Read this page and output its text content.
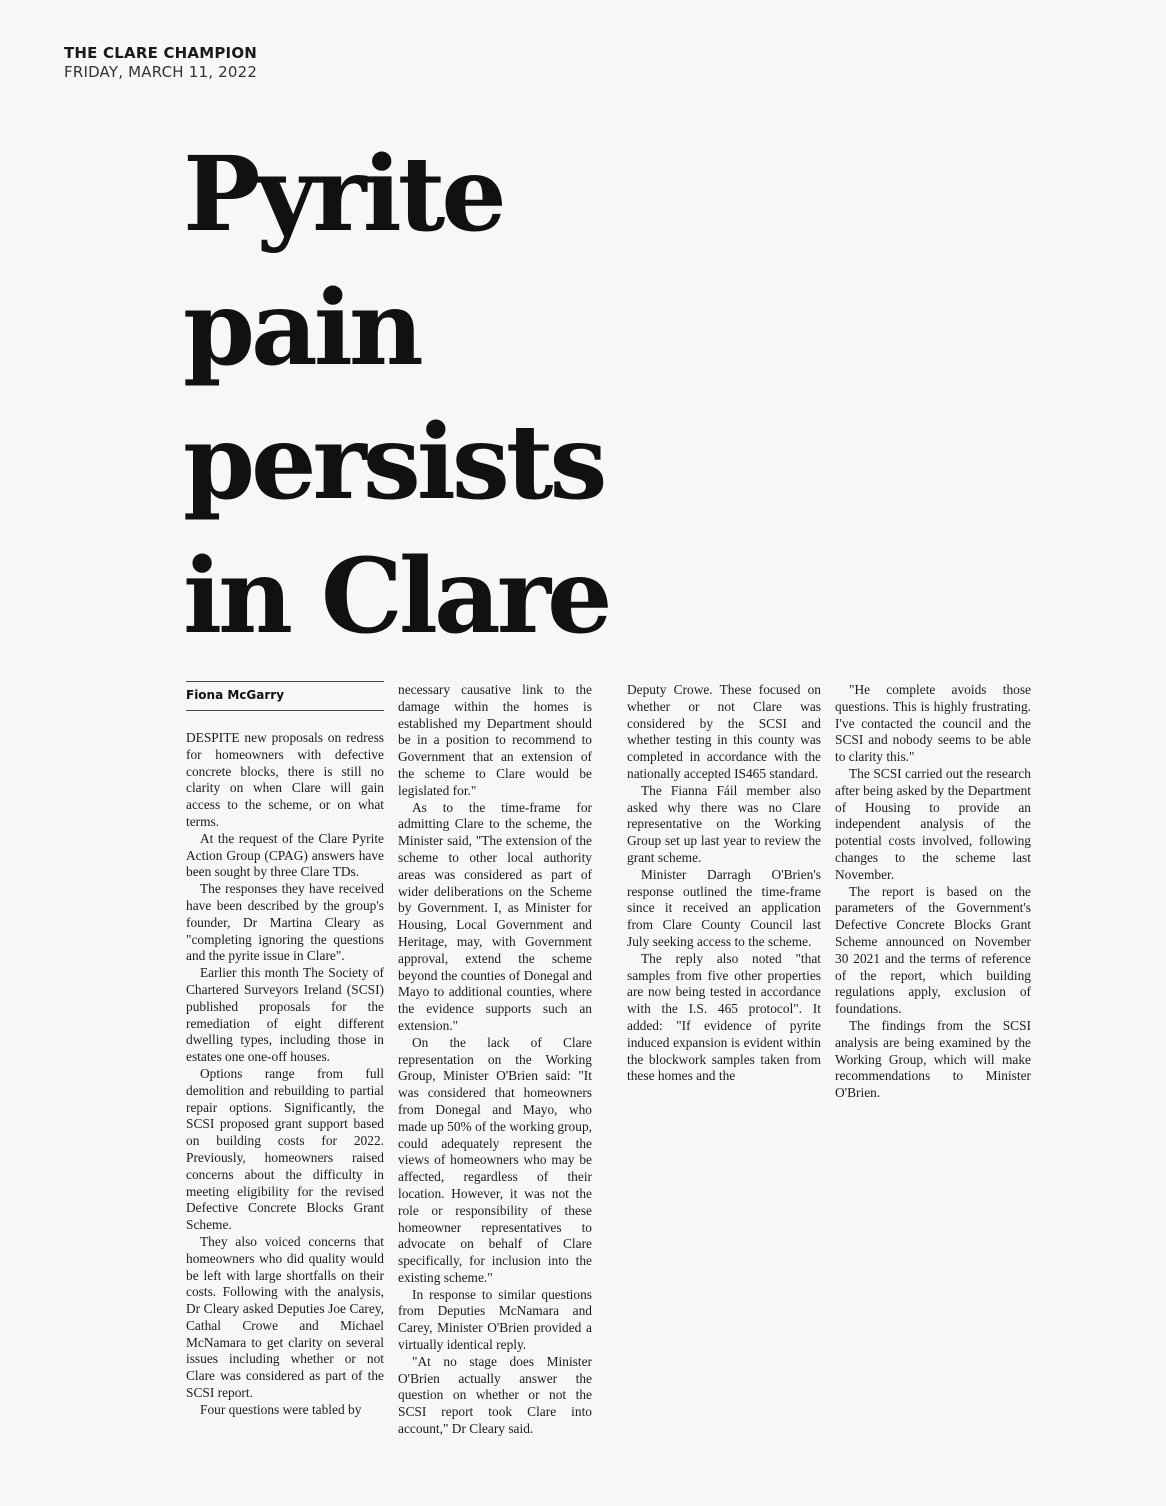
THE CLARE CHAMPION
FRIDAY, MARCH 11, 2022
Pyrite
pain
persists
in Clare
Fiona McGarry

DESPITE new proposals on redress for homeowners with defective concrete blocks, there is still no clarity on when Clare will gain access to the scheme, or on what terms.

At the request of the Clare Pyrite Action Group (CPAG) answers have been sought by three Clare TDs.

The responses they have received have been described by the group's founder, Dr Martina Cleary as "completing ignoring the questions and the pyrite issue in Clare".

Earlier this month The Society of Chartered Surveyors Ireland (SCSI) published proposals for the remediation of eight different dwelling types, including those in estates one one-off houses.

Options range from full demolition and rebuilding to partial repair options. Significantly, the SCSI proposed grant support based on building costs for 2022. Previously, homeowners raised concerns about the difficulty in meeting eligibility for the revised Defective Concrete Blocks Grant Scheme.

They also voiced concerns that homeowners who did quality would be left with large shortfalls on their costs. Following with the analysis, Dr Cleary asked Deputies Joe Carey, Cathal Crowe and Michael McNamara to get clarity on several issues including whether or not Clare was considered as part of the SCSI report.

Four questions were tabled by

necessary causative link to the damage within the homes is established my Department should be in a position to recommend to Government that an extension of the scheme to Clare would be legislated for."

As to the time-frame for admitting Clare to the scheme, the Minister said, "The extension of the scheme to other local authority areas was considered as part of wider deliberations on the Scheme by Government. I, as Minister for Housing, Local Government and Heritage, may, with Government approval, extend the scheme beyond the counties of Donegal and Mayo to additional counties, where the evidence supports such an extension."

On the lack of Clare representation on the Working Group, Minister O'Brien said: "It was considered that homeowners from Donegal and Mayo, who made up 50% of the working group, could adequately represent the views of homeowners who may be affected, regardless of their location. However, it was not the role or responsibility of these homeowner representatives to advocate on behalf of Clare specifically, for inclusion into the existing scheme."

In response to similar questions from Deputies McNamara and Carey, Minister O'Brien provided a virtually identical reply.

"At no stage does Minister O'Brien actually answer the question on whether or not the SCSI report took Clare into account," Dr Cleary said.

Deputy Crowe. These focused on whether or not Clare was considered by the SCSI and whether testing in this county was completed in accordance with the nationally accepted IS465 standard.

The Fianna Fáil member also asked why there was no Clare representative on the Working Group set up last year to review the grant scheme.

Minister Darragh O'Brien's response outlined the time-frame since it received an application from Clare County Council last July seeking access to the scheme.

The reply also noted "that samples from five other properties are now being tested in accordance with the I.S. 465 protocol". It added: "If evidence of pyrite induced expansion is evident within the blockwork samples taken from these homes and the

"He complete avoids those questions. This is highly frustrating. I've contacted the council and the SCSI and nobody seems to be able to clarity this."

The SCSI carried out the research after being asked by the Department of Housing to provide an independent analysis of the potential costs involved, following changes to the scheme last November.

The report is based on the parameters of the Government's Defective Concrete Blocks Grant Scheme announced on November 30 2021 and the terms of reference of the report, which building regulations apply, exclusion of foundations.

The findings from the SCSI analysis are being examined by the Working Group, which will make recommendations to Minister O'Brien.
